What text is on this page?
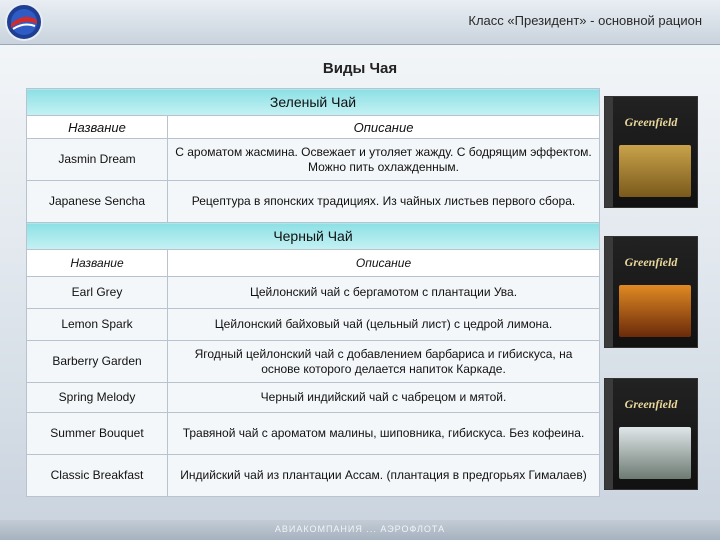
Класс «Президент» - основной рацион
Виды Чая
Зеленый Чай	
Название	Описание
Jasmin Dream	С ароматом жасмина. Освежает и утоляет жажду. С бодрящим эффектом. Можно пить охлажденным.
Japanese Sencha	Рецептура в японских традициях. Из чайных листьев первого сбора.
Черный Чай	
Название	Описание
Earl Grey	Цейлонский чай с бергамотом с плантации Ува.
Lemon Spark	Цейлонский байховый чай (цельный лист) с цедрой лимона.
Barberry Garden	Ягодный цейлонский чай с добавлением барбариса и гибискуса, на основе которого делается напиток Каркаде.
Spring Melody	Черный индийский чай с чабрецом и мятой.
Summer Bouquet	Травяной чай с ароматом малины, шиповника, гибискуса. Без кофеина.
Classic Breakfast	Индийский чай из плантации Ассам. (плантация в предгорьях Гималаев)
Greenfield
Greenfield
Greenfield
АВИАКОМПАНИЯ ... АЭРОФЛОТА
